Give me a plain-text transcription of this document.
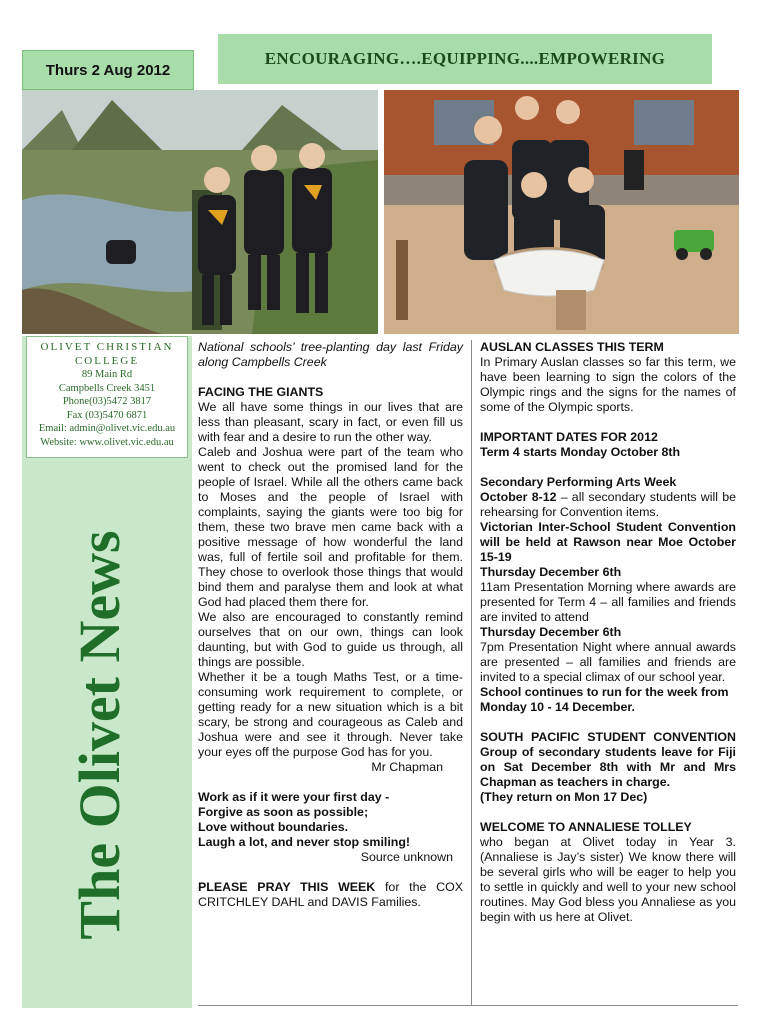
Thurs 2 Aug 2012
ENCOURAGING….EQUIPPING....EMPOWERING
OLIVET CHRISTIAN
COLLEGE
89 Main Rd
Campbells Creek 3451
Phone(03)5472 3817
Fax (03)5470 6871
Email: admin@olivet.vic.edu.au
Website: www.olivet.vic.edu.au
The Olivet News

National schools’ tree-planting day last Friday along Campbells Creek

FACING THE GIANTS

We all have some things in our lives that are less than pleasant, scary in fact, or even fill us with fear and a desire to run the other way.

Caleb and Joshua were part of the team who went to check out the promised land for the people of Israel. While all the others came back to Moses and the people of Israel with complaints, saying the giants were too big for them, these two brave men came back with a positive message of how wonderful the land was, full of fertile soil and profitable for them. They chose to overlook those things that would bind them and paralyse them and look at what God had placed them there for.

We also are encouraged to constantly remind ourselves that on our own, things can look daunting, but with God to guide us through, all things are possible.

Whether it be a tough Maths Test, or a time-consuming work requirement to complete, or getting ready for a new situation which is a bit scary, be strong and courageous as Caleb and Joshua were and see it through. Never take your eyes off the purpose God has for you.

Mr Chapman

Work as if it were your first day -

Forgive as soon as possible;

Love without boundaries.

Laugh a lot, and never stop smiling!

Source unknown

PLEASE PRAY THIS WEEK for the COX CRITCHLEY DAHL and DAVIS Families.

AUSLAN CLASSES THIS TERM

In Primary Auslan classes so far this term, we have been learning to sign the colors of the Olympic rings and the signs for the names of some of the Olympic sports.

IMPORTANT DATES FOR 2012

Term 4 starts Monday October 8th

Secondary Performing Arts Week

October 8-12 – all secondary students will be rehearsing for Convention items.

Victorian Inter-School Student Convention will be held at Rawson near Moe October 15-19

Thursday December 6th

11am Presentation Morning where awards are presented for Term 4 – all families and friends are invited to attend

Thursday December 6th

7pm Presentation Night where annual awards are presented – all families and friends are invited to a special climax of our school year.

School continues to run for the week from Monday 10 - 14 December.

SOUTH PACIFIC STUDENT CONVENTION Group of secondary students leave for Fiji on Sat December 8th with Mr and Mrs Chapman as teachers in charge.

(They return on Mon 17 Dec)

WELCOME TO ANNALIESE TOLLEY

who began at Olivet today in Year 3. (Annaliese is Jay’s sister) We know there will be several girls who will be eager to help you to settle in quickly and well to your new school routines. May God bless you Annaliese as you begin with us here at Olivet.
